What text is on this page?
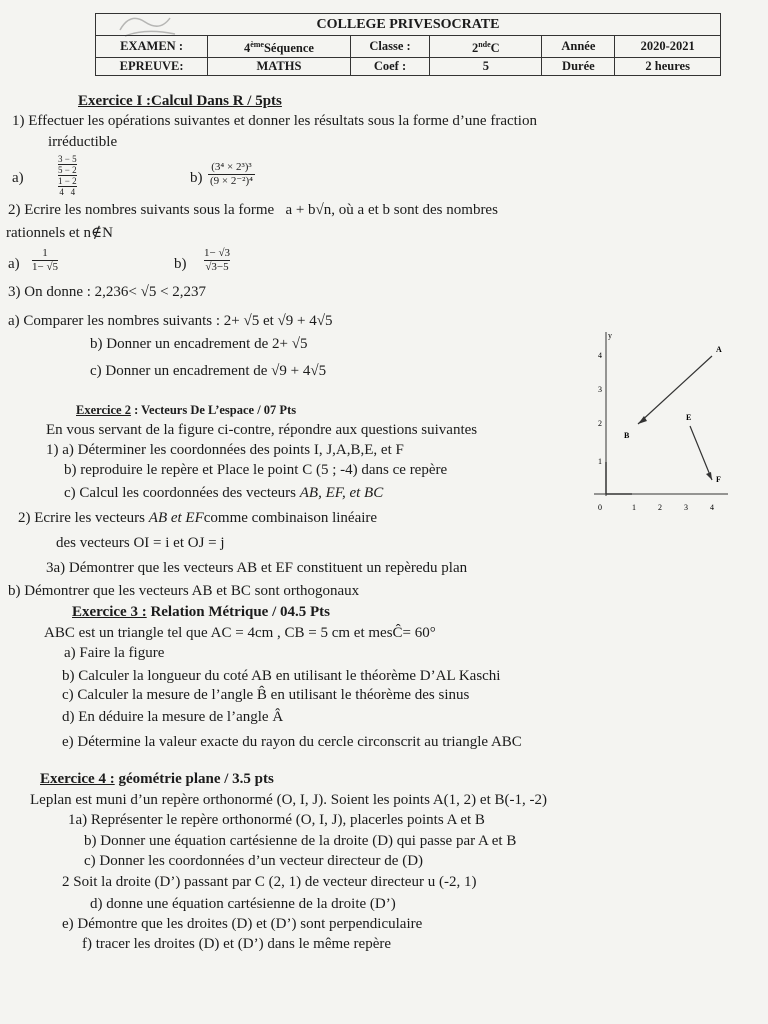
COLLEGE PRIVESOCRATE					
EXAMEN :	4èmeSéquence	Classe :	2ndeC	Année	2020-2021
EPREUVE:	MATHS	Coef :	5	Durée	2 heures
Exercice I :Calcul Dans R / 5pts
1) Effectuer les opérations suivantes et donner les résultats sous la forme d’une fraction
irréductible
a)
3 − 5
5 − 2
1 − 2
4 4
b)
(3⁴ × 2³)³
(9 × 2⁻²)⁴
2) Ecrire les nombres suivants sous la forme a + b√n, où a et b sont des nombres
rationnels et n∉N
a)
1
1− √5	b)
1− √3
√3−5
3) On donne : 2,236< √5 < 2,237
a) Comparer les nombres suivants : 2+ √5 et √9 + 4√5
b) Donner un encadrement de 2+ √5
c) Donner un encadrement de √9 + 4√5
Exercice 2 : Vecteurs De L’espace / 07 Pts
En vous servant de la figure ci-contre, répondre aux questions suivantes
1) a) Déterminer les coordonnées des points I, J,A,B,E, et F
b) reproduire le repère et Place le point C (5 ; -4) dans ce repère
c) Calcul les coordonnées des vecteurs AB, EF, et BC
2) Ecrire les vecteurs AB et EFcomme combinaison linéaire
des vecteurs OI = i et OJ = j
3a) Démontrer que les vecteurs AB et EF constituent un repèredu plan
b) Démontrer que les vecteurs AB et BC sont orthogonaux
y
0	1	2	3	4
1
2
3
4
A
B
E
F
Exercice 3 : Relation Métrique / 04.5 Pts
ABC est un triangle tel que AC = 4cm , CB = 5 cm et mesĈ= 60°
a) Faire la figure
b) Calculer la longueur du coté AB en utilisant le théorème D’AL Kaschi
c) Calculer la mesure de l’angle B̂ en utilisant le théorème des sinus
d) En déduire la mesure de l’angle Â
e) Détermine la valeur exacte du rayon du cercle circonscrit au triangle ABC
Exercice 4 : géométrie plane / 3.5 pts
Leplan est muni d’un repère orthonormé (O, I, J). Soient les points A(1, 2) et B(-1, -2)
1a) Représenter le repère orthonormé (O, I, J), placerles points A et B
b) Donner une équation cartésienne de la droite (D) qui passe par A et B
c) Donner les coordonnées d’un vecteur directeur de (D)
2 Soit la droite (D’) passant par C (2, 1) de vecteur directeur u (-2, 1)
d) donne une équation cartésienne de la droite (D’)
e) Démontre que les droites (D) et (D’) sont perpendiculaire
f) tracer les droites (D) et (D’) dans le même repère
